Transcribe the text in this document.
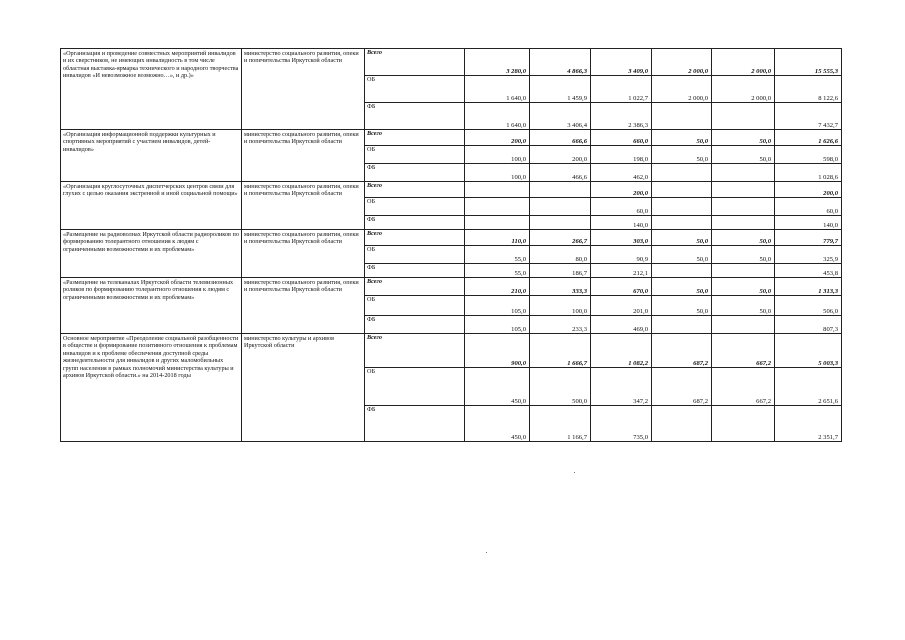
«Организация и проведение совместных мероприятий инвалидов и их сверстников, не имеющих инвалидность в том числе областная выставка-ярмарка технического и народного творчества инвалидов «И невозможное возможно…», и др.)»	министерство социального развития, опеки и попечительства Иркутской области	Всего	3 280,0	4 866,3	3 409,0	2 000,0	2 000,0	15 555,3
		ОБ	1 640,0	1 459,9	1 022,7	2 000,0	2 000,0	8 122,6
		ФБ	1 640,0	3 406,4	2 386,3			7 432,7
«Организация информационной поддержки культурных и спортивных мероприятий с участием инвалидов, детей-инвалидов»	министерство социального развития, опеки и попечительства Иркутской области	Всего	200,0	666,6	660,0	50,0	50,0	1 626,6
		ОБ	100,0	200,0	198,0	50,0	50,0	598,0
		ФБ	100,0	466,6	462,0			1 028,6
«Организация круглосуточных диспетчерских центров связи для глухих с целью оказания экстренной и иной социальной помощи»	министерство социального развития, опеки и попечительства Иркутской области	Всего			200,0			200,0
		ОБ			60,0			60,0
		ФБ			140,0			140,0
«Размещение на радиоволнах Иркутской области радиороликов по формированию толерантного отношения к людям с ограниченными возможностями и их проблемам»	министерство социального развития, опеки и попечительства Иркутской области	Всего	110,0	266,7	303,0	50,0	50,0	779,7
		ОБ	55,0	80,0	90,9	50,0	50,0	325,9
		ФБ	55,0	186,7	212,1			453,8
«Размещение на телеканалах Иркутской области телевизионных роликов по формированию толерантного отношения к людям с ограниченными возможностями и их проблемам»	министерство социального развития, опеки и попечительства Иркутской области	Всего	210,0	333,3	670,0	50,0	50,0	1 313,3
		ОБ	105,0	100,0	201,0	50,0	50,0	506,0
		ФБ	105,0	233,3	469,0			807,3
Основное мероприятие «Преодоление социальной разобщенности в обществе и формирование позитивного отношения к проблемам инвалидов и к проблеме обеспечения доступной среды жизнедеятельности для инвалидов и других маломобильных групп населения в рамках полномочий министерства культуры и архивов Иркутской области.» на 2014-2018 годы	министерство культуры и архивов Иркутской области	Всего	900,0	1 666,7	1 082,2	687,2	667,2	5 003,3
		ОБ	450,0	500,0	347,2	687,2	667,2	2 651,6
		ФБ	450,0	1 166,7	735,0			2 351,7
